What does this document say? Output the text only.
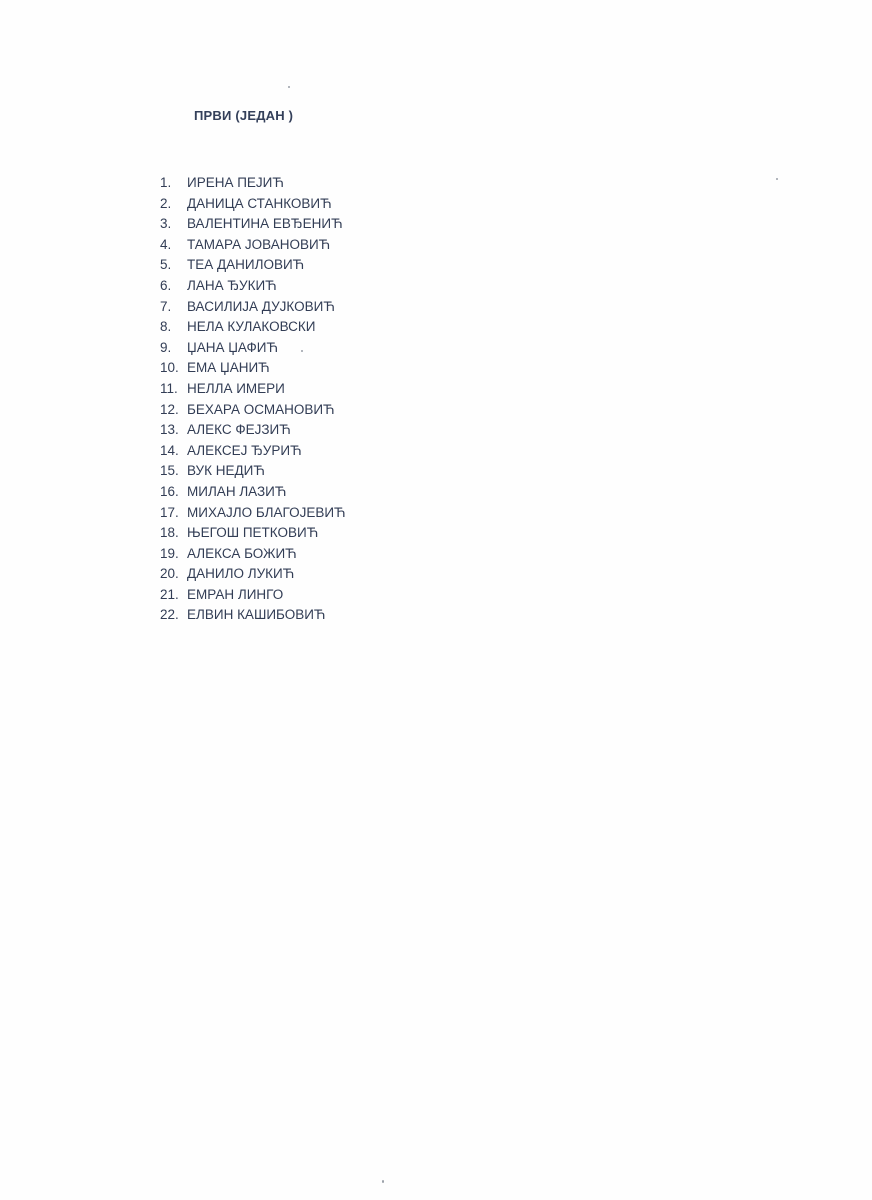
ПРВИ (ЈЕДАН )
1. ИРЕНА ПЕЈИЋ
2. ДАНИЦА СТАНКОВИЋ
3. ВАЛЕНТИНА ЕВЂЕНИЋ
4. ТАМАРА ЈОВАНОВИЋ
5. ТЕА ДАНИЛОВИЋ
6. ЛАНА ЂУКИЋ
7. ВАСИЛИЈА ДУЈКОВИЋ
8. НЕЛА КУЛАКОВСКИ
9. ЏАНА ЏАФИЋ
10. ЕМА ЏАНИЋ
11. НЕЛЛА ИМЕРИ
12. БЕХАРА ОСМАНОВИЋ
13. АЛЕКС ФЕЈЗИЋ
14. АЛЕКСЕЈ ЂУРИЋ
15. ВУК НЕДИЋ
16. МИЛАН ЛАЗИЋ
17. МИХАЈЛО БЛАГОЈЕВИЋ
18. ЊЕГОШ ПЕТКОВИЋ
19. АЛЕКСА БОЖИЋ
20. ДАНИЛО ЛУКИЋ
21. ЕМРАН ЛИНГО
22. ЕЛВИН КАШИБОВИЋ
